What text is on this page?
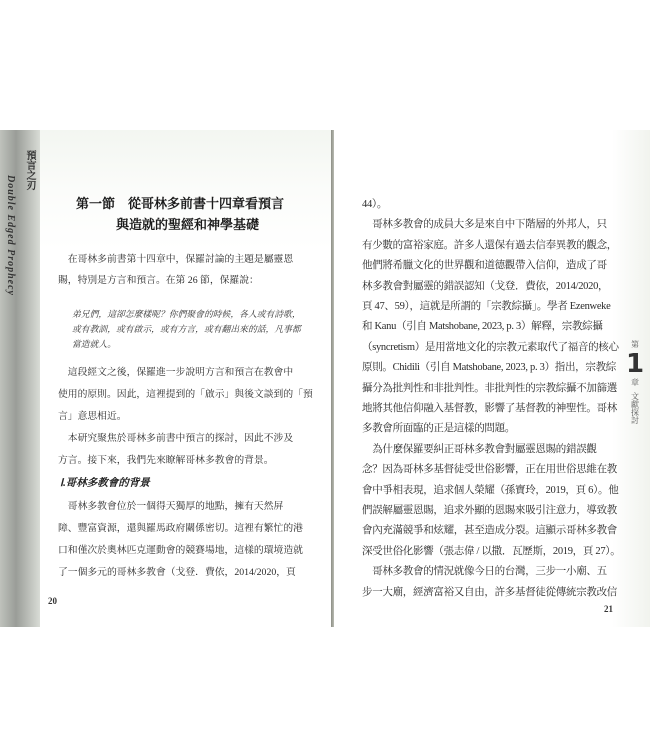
Double Edged Prophecy
預言之刃
第一節　從哥林多前書十四章看預言
與造就的聖經和神學基礎
　在哥林多前書第十四章中，保羅討論的主題是屬靈恩
賜，特別是方言和預言。在第 26 節，保羅說：
弟兄們，這卻怎麼樣呢？你們聚會的時候，各人或有詩歌，
或有教訓，或有啟示，或有方言，或有翻出來的話，凡事都
當造就人。
　這段經文之後，保羅進一步說明方言和預言在教會中
使用的原則。因此，這裡提到的「啟示」與後文談到的「預
言」意思相近。
　本研究聚焦於哥林多前書中預言的探討，因此不涉及
方言。接下來，我們先來瞭解哥林多教會的背景。
Ⅰ.哥林多教會的背景
　哥林多教會位於一個得天獨厚的地點，擁有天然屏
障、豐富資源，還與羅馬政府關係密切。這裡有繁忙的港
口和僅次於奧林匹克運動會的競賽場地，這樣的環境造就
了一個多元的哥林多教會（戈登．費依，2014/2020，頁
20
44）。
　哥林多教會的成員大多是來自中下階層的外邦人，只
有少數的富裕家庭。許多人還保有過去信奉異教的觀念，
他們將希臘文化的世界觀和道德觀帶入信仰，造成了哥
林多教會對屬靈的錯誤認知（戈登．費依，2014/2020，
頁 47、59），這就是所謂的「宗教綜攝」。學者 Ezenweke
和 Kanu（引自 Matshobane, 2023, p. 3）解釋，宗教綜攝
（syncretism）是用當地文化的宗教元素取代了福音的核心
原則。Chidili（引自 Matshobane, 2023, p. 3）指出，宗教綜
攝分為批判性和非批判性。非批判性的宗教綜攝不加篩選
地將其他信仰融入基督教，影響了基督教的神聖性。哥林
多教會所面臨的正是這樣的問題。
　為什麼保羅要糾正哥林多教會對屬靈恩賜的錯誤觀
念？因為哥林多基督徒受世俗影響，正在用世俗思維在教
會中爭相表現，追求個人榮耀（孫寶玲，2019，頁 6）。他
們誤解屬靈恩賜，追求外顯的恩賜來吸引注意力，導致教
會內充滿競爭和炫耀，甚至造成分裂。這顯示哥林多教會
深受世俗化影響（張志偉 / 以撒．瓦歷斯，2019，頁 27）。
　哥林多教會的情況就像今日的台灣，三步一小廟、五
步一大廟，經濟富裕又自由，許多基督徒從傳統宗教改信
21
第
1
章
文獻探討
